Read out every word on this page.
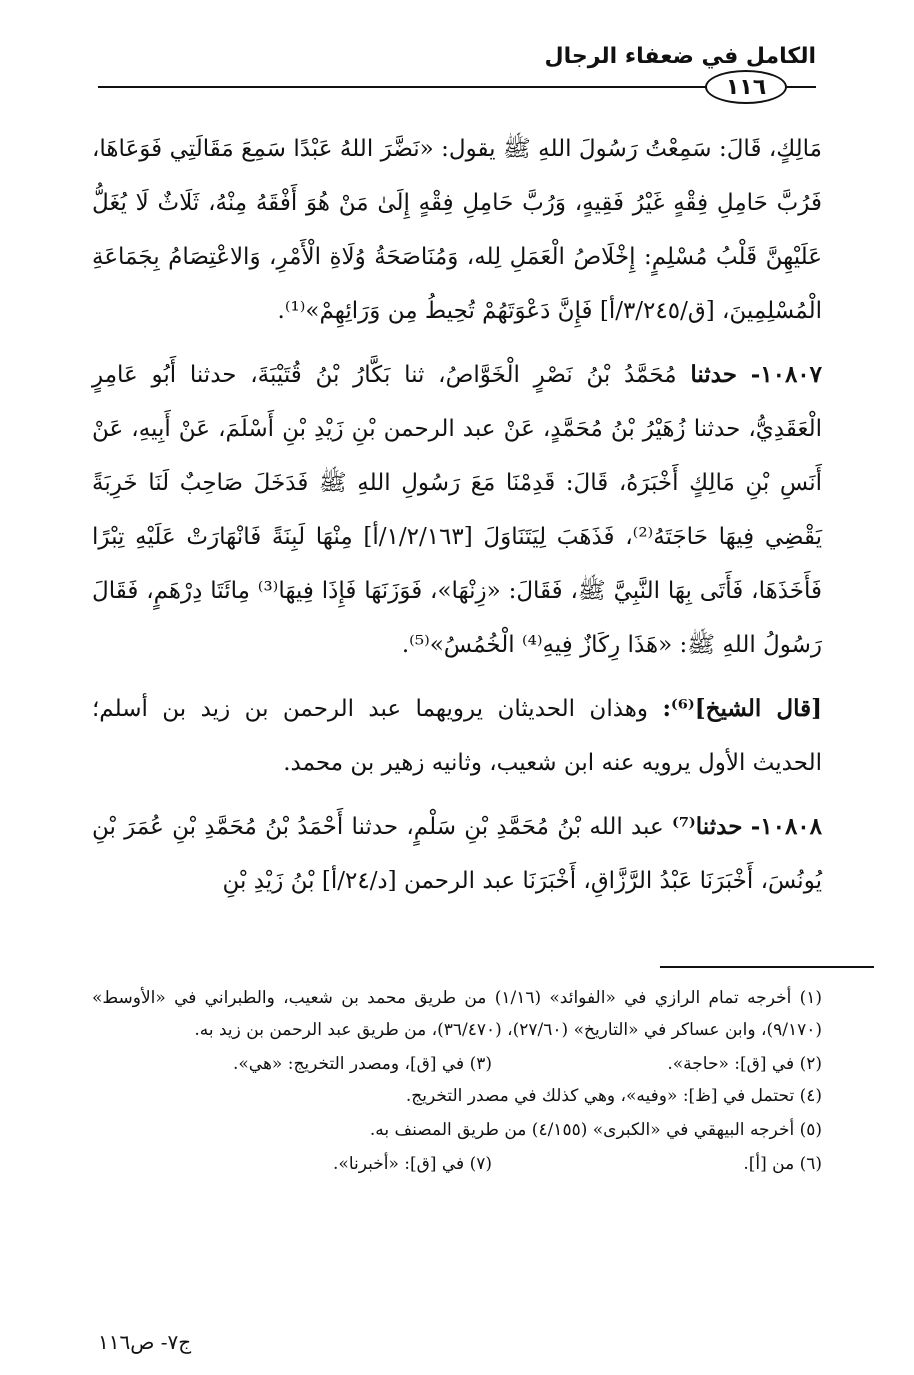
الكامل في ضعفاء الرجال
١١٦

مَالِكٍ، قَالَ: سَمِعْتُ رَسُولَ اللهِ ﷺ يقول: «نَضَّرَ اللهُ عَبْدًا سَمِعَ مَقَالَتِي فَوَعَاهَا، فَرُبَّ حَامِلِ فِقْهٍ غَيْرُ فَقِيهٍ، وَرُبَّ حَامِلِ فِقْهٍ إِلَىٰ مَنْ هُوَ أَفْقَهُ مِنْهُ، ثَلَاثٌ لَا يُغَلُّ عَلَيْهِنَّ قَلْبُ مُسْلِمٍ: إِخْلَاصُ الْعَمَلِ لِله، وَمُنَاصَحَةُ وُلَاةِ الْأَمْرِ، وَالاعْتِصَامُ بِجَمَاعَةِ الْمُسْلِمِينَ، [ق/٣/٢٤٥/أ] فَإِنَّ دَعْوَتَهُمْ تُحِيطُ مِن وَرَائِهِمْ»⁽¹⁾.

١٠٨٠٧- حدثنا مُحَمَّدُ بْنُ نَصْرٍ الْخَوَّاصُ، ثنا بَكَّارُ بْنُ قُتَيْبَةَ، حدثنا أَبُو عَامِرٍ الْعَقَدِيُّ، حدثنا زُهَيْرُ بْنُ مُحَمَّدٍ، عَنْ عبد الرحمن بْنِ زَيْدِ بْنِ أَسْلَمَ، عَنْ أَبِيهِ، عَنْ أَنَسِ بْنِ مَالِكٍ أَخْبَرَهُ، قَالَ: قَدِمْنَا مَعَ رَسُولِ اللهِ ﷺ فَدَخَلَ صَاحِبٌ لَنَا خَرِبَةً يَقْضِي فِيهَا حَاجَتَهُ⁽²⁾، فَذَهَبَ لِيَتَنَاوَلَ [١/٢/١٦٣/أ] مِنْهَا لَبِنَةً فَانْهَارَتْ عَلَيْهِ تِبْرًا فَأَخَذَهَا، فَأَتَى بِهَا النَّبِيَّ ﷺ، فَقَالَ: «زِنْهَا»، فَوَزَنَهَا فَإِذَا فِيهَا⁽³⁾ مِائَتَا دِرْهَمٍ، فَقَالَ رَسُولُ اللهِ ﷺ: «هَذَا رِكَازٌ فِيهِ⁽⁴⁾ الْخُمُسُ»⁽⁵⁾.

[قال الشيخ]⁽⁶⁾: وهذان الحديثان يرويهما عبد الرحمن بن زيد بن أسلم؛ الحديث الأول يرويه عنه ابن شعيب، وثانيه زهير بن محمد.

١٠٨٠٨- حدثنا⁽⁷⁾ عبد الله بْنُ مُحَمَّدِ بْنِ سَلْمٍ، حدثنا أَحْمَدُ بْنُ مُحَمَّدِ بْنِ عُمَرَ بْنِ يُونُسَ، أَخْبَرَنَا عَبْدُ الرَّزَّاقِ، أَخْبَرَنَا عبد الرحمن [د/٢٤/أ] بْنُ زَيْدِ بْنِ

(١) أخرجه تمام الرازي في «الفوائد» (١/١٦) من طريق محمد بن شعيب، والطبراني في «الأوسط» (٩/١٧٠)، وابن عساكر في «التاريخ» (٢٧/٦٠)، (٣٦/٤٧٠)، من طريق عبد الرحمن بن زيد به.

(٢) في [ق]: «حاجة».
(٣) في [ق]، ومصدر التخريج: «هي».

(٤) تحتمل في [ظ]: «وفيه»، وهي كذلك في مصدر التخريج.

(٥) أخرجه البيهقي في «الكبرى» (٤/١٥٥) من طريق المصنف به.

(٦) من [أ].
(٧) في [ق]: «أخبرنا».
ج٧- ص١١٦
